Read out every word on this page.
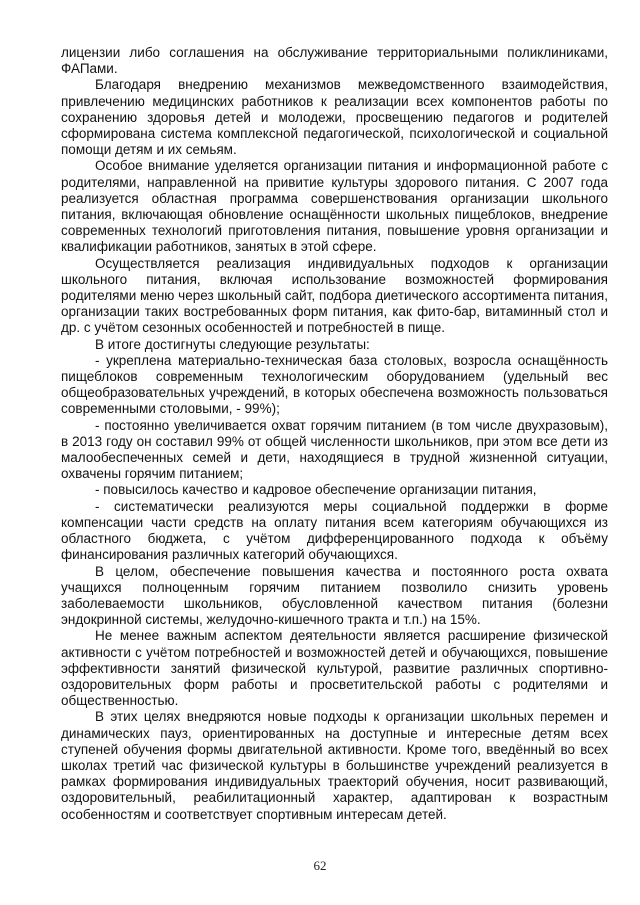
лицензии либо соглашения на обслуживание территориальными поликлиниками, ФАПами.

Благодаря внедрению механизмов межведомственного взаимодействия, привлечению медицинских работников к реализации всех компонентов работы по сохранению здоровья детей и молодежи, просвещению педагогов и родителей сформирована система комплексной педагогической, психологической и социальной помощи детям и их семьям.

Особое внимание уделяется организации питания и информационной работе с родителями, направленной на привитие культуры здорового питания. С 2007 года реализуется областная программа совершенствования организации школьного питания, включающая обновление оснащённости школьных пищеблоков, внедрение современных технологий приготовления питания, повышение уровня организации и квалификации работников, занятых в этой сфере.

Осуществляется реализация индивидуальных подходов к организации школьного питания, включая использование возможностей формирования родителями меню через школьный сайт, подбора диетического ассортимента питания, организации таких востребованных форм питания, как фито-бар, витаминный стол и др. с учётом сезонных особенностей и потребностей в пище.

В итоге достигнуты следующие результаты:

- укреплена материально-техническая база столовых, возросла оснащённость пищеблоков современным технологическим оборудованием (удельный вес общеобразовательных учреждений, в которых обеспечена возможность пользоваться современными столовыми, - 99%);

- постоянно увеличивается охват горячим питанием (в том числе двухразовым), в 2013 году он составил 99% от общей численности школьников, при этом все дети из малообеспеченных семей и дети, находящиеся в трудной жизненной ситуации, охвачены горячим питанием;

- повысилось качество и кадровое обеспечение организации питания,

- систематически реализуются меры социальной поддержки в форме компенсации части средств на оплату питания всем категориям обучающихся из областного бюджета, с учётом дифференцированного подхода к объёму финансирования различных категорий обучающихся.

В целом, обеспечение повышения качества и постоянного роста охвата учащихся полноценным горячим питанием позволило снизить уровень заболеваемости школьников, обусловленной качеством питания (болезни эндокринной системы, желудочно-кишечного тракта и т.п.) на 15%.

Не менее важным аспектом деятельности является расширение физической активности с учётом потребностей и возможностей детей и обучающихся, повышение эффективности занятий физической культурой, развитие различных спортивно-оздоровительных форм работы и просветительской работы с родителями и общественностью.

В этих целях внедряются новые подходы к организации школьных перемен и динамических пауз, ориентированных на доступные и интересные детям всех ступеней обучения формы двигательной активности. Кроме того, введённый во всех школах третий час физической культуры в большинстве учреждений реализуется в рамках формирования индивидуальных траекторий обучения, носит развивающий, оздоровительный, реабилитационный характер, адаптирован к возрастным особенностям и соответствует спортивным интересам детей.

62
